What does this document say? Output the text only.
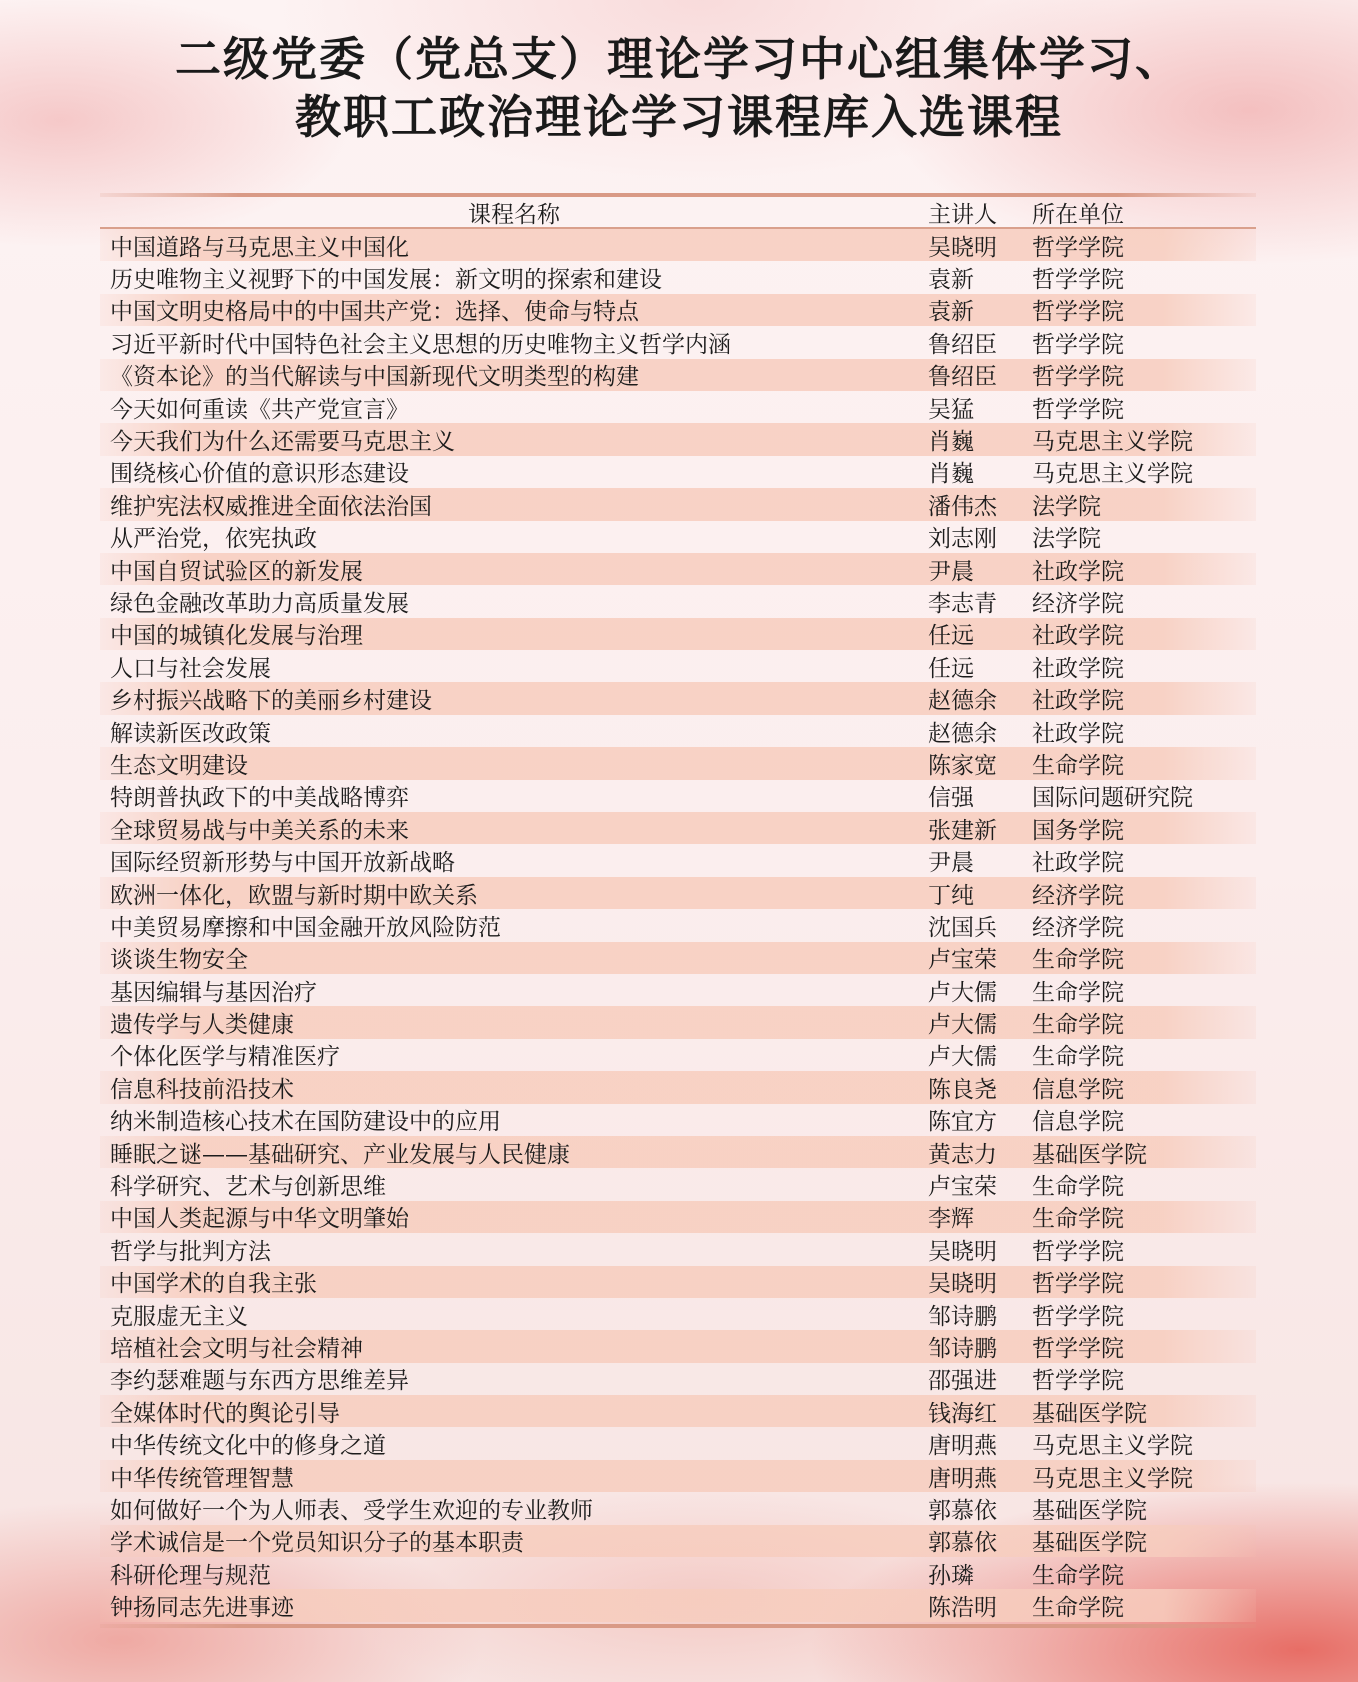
二级党委（党总支）理论学习中心组集体学习、
教职工政治理论学习课程库入选课程
课程名称	主讲人	所在单位
中国道路与马克思主义中国化	吴晓明	哲学学院
历史唯物主义视野下的中国发展：新文明的探索和建设	袁新	哲学学院
中国文明史格局中的中国共产党：选择、使命与特点	袁新	哲学学院
习近平新时代中国特色社会主义思想的历史唯物主义哲学内涵	鲁绍臣	哲学学院
《资本论》的当代解读与中国新现代文明类型的构建	鲁绍臣	哲学学院
今天如何重读《共产党宣言》	吴猛	哲学学院
今天我们为什么还需要马克思主义	肖巍	马克思主义学院
围绕核心价值的意识形态建设	肖巍	马克思主义学院
维护宪法权威推进全面依法治国	潘伟杰	法学院
从严治党，依宪执政	刘志刚	法学院
中国自贸试验区的新发展	尹晨	社政学院
绿色金融改革助力高质量发展	李志青	经济学院
中国的城镇化发展与治理	任远	社政学院
人口与社会发展	任远	社政学院
乡村振兴战略下的美丽乡村建设	赵德余	社政学院
解读新医改政策	赵德余	社政学院
生态文明建设	陈家宽	生命学院
特朗普执政下的中美战略博弈	信强	国际问题研究院
全球贸易战与中美关系的未来	张建新	国务学院
国际经贸新形势与中国开放新战略	尹晨	社政学院
欧洲一体化，欧盟与新时期中欧关系	丁纯	经济学院
中美贸易摩擦和中国金融开放风险防范	沈国兵	经济学院
谈谈生物安全	卢宝荣	生命学院
基因编辑与基因治疗	卢大儒	生命学院
遗传学与人类健康	卢大儒	生命学院
个体化医学与精准医疗	卢大儒	生命学院
信息科技前沿技术	陈良尧	信息学院
纳米制造核心技术在国防建设中的应用	陈宜方	信息学院
睡眠之谜——基础研究、产业发展与人民健康	黄志力	基础医学院
科学研究、艺术与创新思维	卢宝荣	生命学院
中国人类起源与中华文明肇始	李辉	生命学院
哲学与批判方法	吴晓明	哲学学院
中国学术的自我主张	吴晓明	哲学学院
克服虚无主义	邹诗鹏	哲学学院
培植社会文明与社会精神	邹诗鹏	哲学学院
李约瑟难题与东西方思维差异	邵强进	哲学学院
全媒体时代的舆论引导	钱海红	基础医学院
中华传统文化中的修身之道	唐明燕	马克思主义学院
中华传统管理智慧	唐明燕	马克思主义学院
如何做好一个为人师表、受学生欢迎的专业教师	郭慕依	基础医学院
学术诚信是一个党员知识分子的基本职责	郭慕依	基础医学院
科研伦理与规范	孙璘	生命学院
钟扬同志先进事迹	陈浩明	生命学院
